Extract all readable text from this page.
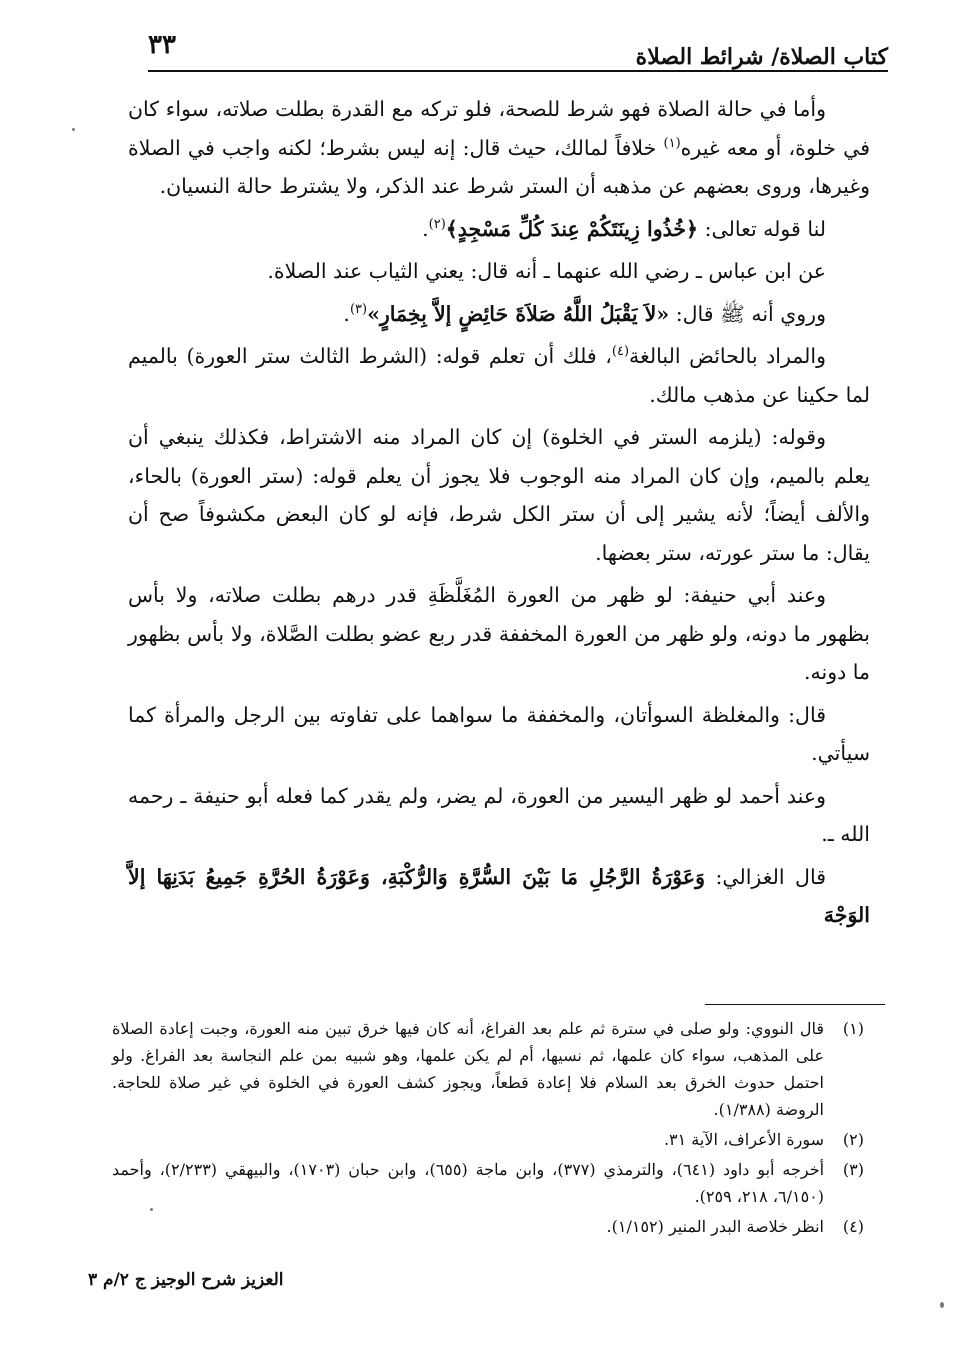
٣٣	كتاب الصلاة/ شرائط الصلاة

وأما في حالة الصلاة فهو شرط للصحة، فلو تركه مع القدرة بطلت صلاته، سواء كان في خلوة، أو معه غيره$^{(١)}$ خلافاً لمالك، حيث قال: إنه ليس بشرط؛ لكنه واجب في الصلاة وغيرها، وروى بعضهم عن مذهبه أن الستر شرط عند الذكر، ولا يشترط حالة النسيان.

لنا قوله تعالى: ﴿خُذُوا زِينَتَكُمْ عِندَ كُلِّ مَسْجِدٍ﴾$^{(٢)}$.

عن ابن عباس ـ رضي الله عنهما ـ أنه قال: يعني الثياب عند الصلاة.

وروي أنه ﷺ قال: «لاَ يَقْبَلُ اللَّهُ صَلاَةَ حَائِضٍ إلاَّ بِخِمَارٍ»$^{(٣)}$.

والمراد بالحائض البالغة$^{(٤)}$، فلك أن تعلم قوله: (الشرط الثالث ستر العورة) بالميم لما حكينا عن مذهب مالك.

وقوله: (يلزمه الستر في الخلوة) إن كان المراد منه الاشتراط، فكذلك ينبغي أن يعلم بالميم، وإن كان المراد منه الوجوب فلا يجوز أن يعلم قوله: (ستر العورة) بالحاء، والألف أيضاً؛ لأنه يشير إلى أن ستر الكل شرط، فإنه لو كان البعض مكشوفاً صح أن يقال: ما ستر عورته، ستر بعضها.

وعند أبي حنيفة: لو ظهر من العورة المُغَلَّظَةِ قدر درهم بطلت صلاته، ولا بأس بظهور ما دونه، ولو ظهر من العورة المخففة قدر ربع عضو بطلت الصَّلاة، ولا بأس بظهور ما دونه.

قال: والمغلظة السوأتان، والمخففة ما سواهما على تفاوته بين الرجل والمرأة كما سيأتي.

وعند أحمد لو ظهر اليسير من العورة، لم يضر، ولم يقدر كما فعله أبو حنيفة ـ رحمه الله ـ.

قال الغزالي: وَعَوْرَةُ الرَّجُلِ مَا بَيْنَ السُّرَّةِ وَالرُّكْبَةِ، وَعَوْرَةُ الحُرَّةِ جَمِيعُ بَدَنِهَا إلاَّ الوَجْهَ

(١)
قال النووي: ولو صلى في سترة ثم علم بعد الفراغ، أنه كان فيها خرق تبين منه العورة، وجبت إعادة الصلاة على المذهب، سواء كان علمها، ثم نسيها، أم لم يكن علمها، وهو شبيه بمن علم النجاسة بعد الفراغ. ولو احتمل حدوث الخرق بعد السلام فلا إعادة قطعاً، ويجوز كشف العورة في الخلوة في غير صلاة للحاجة. الروضة (١/٣٨٨).
(٢)
سورة الأعراف، الآية ٣١.
(٣)
أخرجه أبو داود (٦٤١)، والترمذي (٣٧٧)، وابن ماجة (٦٥٥)، وابن حبان (١٧٠٣)، والبيهقي (٢/٢٣٣)، وأحمد (٦/١٥٠، ٢١٨، ٢٥٩).
(٤)
انظر خلاصة البدر المنير (١/١٥٢).
العزيز شرح الوجيز ج ٢/م ٣
